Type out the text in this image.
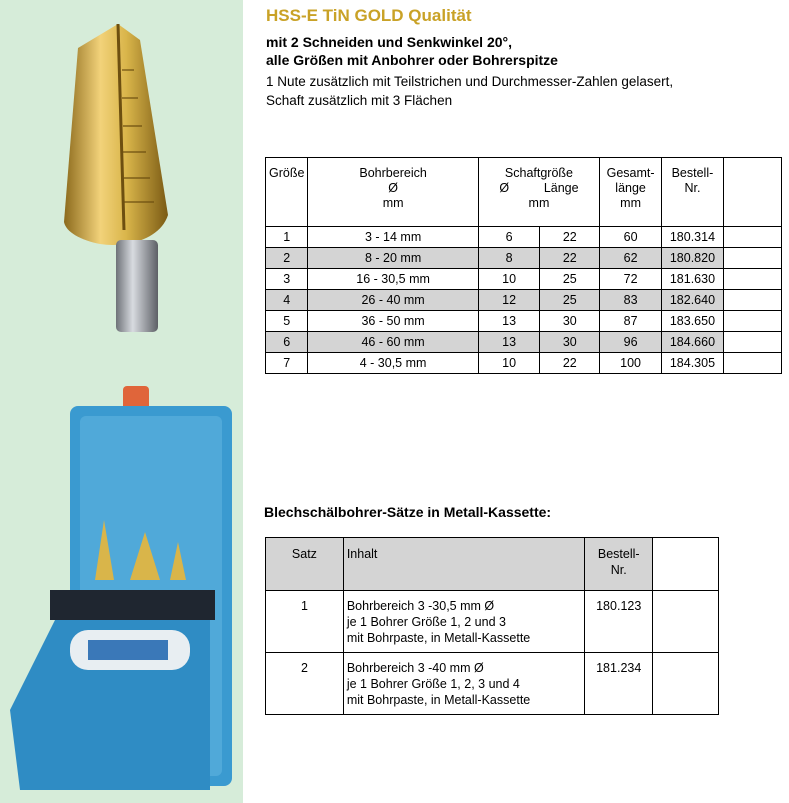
HSS-E TiN GOLD Qualität
mit 2 Schneiden und Senkwinkel 20°,
alle Größen mit Anbohrer oder Bohrerspitze
1 Nute zusätzlich mit Teilstrichen und Durchmesser-Zahlen gelasert,
Schaft zusätzlich mit 3 Flächen
Größe	Bohrbereich
Ø
mm	Schaftgröße
Ø Länge
mm		Gesamt-
länge
mm	Bestell-
Nr.	
1	3 - 14 mm	6	22	60	180.314	
2	8 - 20 mm	8	22	62	180.820	
3	16 - 30,5 mm	10	25	72	181.630	
4	26 - 40 mm	12	25	83	182.640	
5	36 - 50 mm	13	30	87	183.650	
6	46 - 60 mm	13	30	96	184.660	
7	4 - 30,5 mm	10	22	100	184.305	
Blechschälbohrer-Sätze in Metall-Kassette:
Satz	Inhalt	Bestell-
Nr.	
1	Bohrbereich 3 -30,5 mm Ø
je 1 Bohrer Größe 1, 2 und 3
mit Bohrpaste, in Metall-Kassette	180.123	
2	Bohrbereich 3 -40 mm Ø
je 1 Bohrer Größe 1, 2, 3 und 4
mit Bohrpaste, in Metall-Kassette	181.234	
